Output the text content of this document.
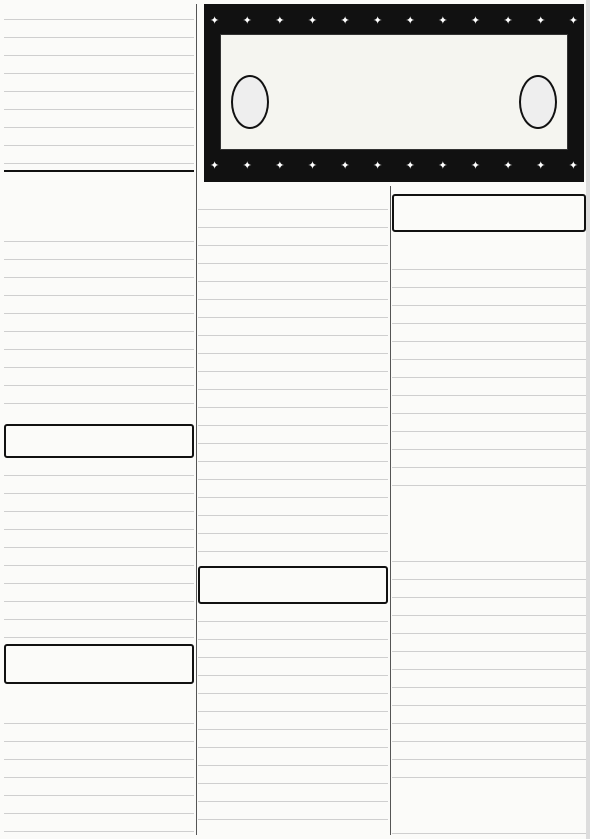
✦ ✦ ✦ ✦ ✦ ✦ ✦ ✦ ✦ ✦ ✦ ✦
✦ ✦ ✦ ✦ ✦ ✦ ✦ ✦ ✦ ✦ ✦ ✦
